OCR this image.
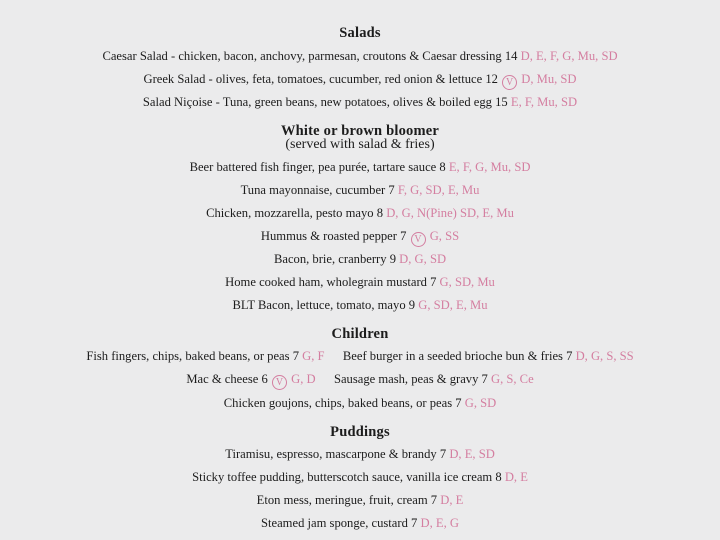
Salads
Caesar Salad - chicken, bacon, anchovy, parmesan, croutons & Caesar dressing 14 D, E, F, G, Mu, SD
Greek Salad - olives, feta, tomatoes, cucumber, red onion & lettuce 12 V D, Mu, SD
Salad Niçoise - Tuna, green beans, new potatoes, olives & boiled egg 15 E, F, Mu, SD
White or brown bloomer
(served with salad & fries)
Beer battered fish finger, pea purée, tartare sauce 8 E, F, G, Mu, SD
Tuna mayonnaise, cucumber 7 F, G, SD, E, Mu
Chicken, mozzarella, pesto mayo 8 D, G, N(Pine) SD, E, Mu
Hummus & roasted pepper 7 V G, SS
Bacon, brie, cranberry 9 D, G, SD
Home cooked ham, wholegrain mustard 7 G, SD, Mu
BLT Bacon, lettuce, tomato, mayo 9 G, SD, E, Mu
Children
Fish fingers, chips, baked beans, or peas 7 G, F Beef burger in a seeded brioche bun & fries 7 D, G, S, SS
Mac & cheese 6 V G, D Sausage mash, peas & gravy 7 G, S, Ce
Chicken goujons, chips, baked beans, or peas 7 G, SD
Puddings
Tiramisu, espresso, mascarpone & brandy 7 D, E, SD
Sticky toffee pudding, butterscotch sauce, vanilla ice cream 8 D, E
Eton mess, meringue, fruit, cream 7 D, E
Steamed jam sponge, custard 7 D, E, G
